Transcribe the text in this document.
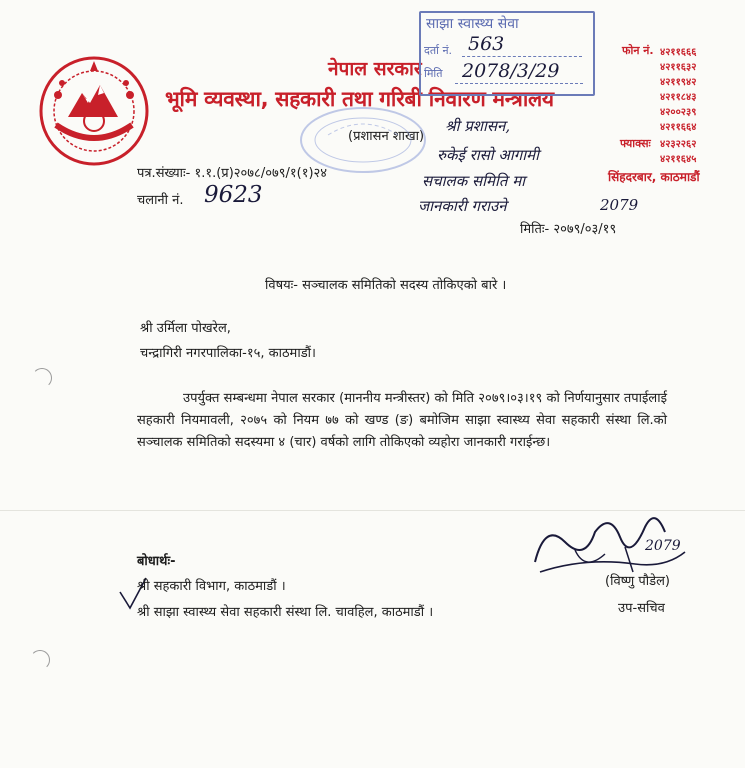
नेपाल सरकार
भूमि व्यवस्था, सहकारी तथा गरिबी निवारण मन्त्रालय
(प्रशासन शाखा)
फोन नं. ४२११६६६
४२११६३२
४२११९४२
४२११८४३
४२००२३९
४२११६६४
फ्याक्सः ४२३२२६२
४२११६४५
सिंहदरबार, काठमाडौं
साझा स्वास्थ्य सेवा
दर्ता नं. 563
मिति 2078/3/29
पत्र.संख्याः- १.१.(प्र)२०७८/०७९/१(१)२४
चलानी नं. 9623
श्री प्रशासन,
रुकेई रासो आगामी
सचालक समिति मा
जानकारी गराउने	2079
मितिः- २०७९/०३/१९
विषयः- सञ्चालक समितिको सदस्य तोकिएको बारे ।
श्री उर्मिला पोखरेल,
चन्द्रागिरी नगरपालिका-१५, काठमाडौं।
उपर्युक्त सम्बन्धमा नेपाल सरकार (माननीय मन्त्रीस्तर) को मिति २०७९।०३।१९ को निर्णयानुसार तपाईलाई सहकारी नियमावली, २०७५ को नियम ७७ को खण्ड (ङ) बमोजिम साझा स्वास्थ्य सेवा सहकारी संस्था लि.को सञ्चालक समितिको सदस्यमा ४ (चार) वर्षको लागि तोकिएको व्यहोरा जानकारी गराईन्छ।
2079
(विष्णु पौडेल)
उप-सचिव
बोधार्थः-
श्री सहकारी विभाग, काठमाडौं ।
श्री साझा स्वास्थ्य सेवा सहकारी संस्था लि. चावहिल, काठमाडौं ।
